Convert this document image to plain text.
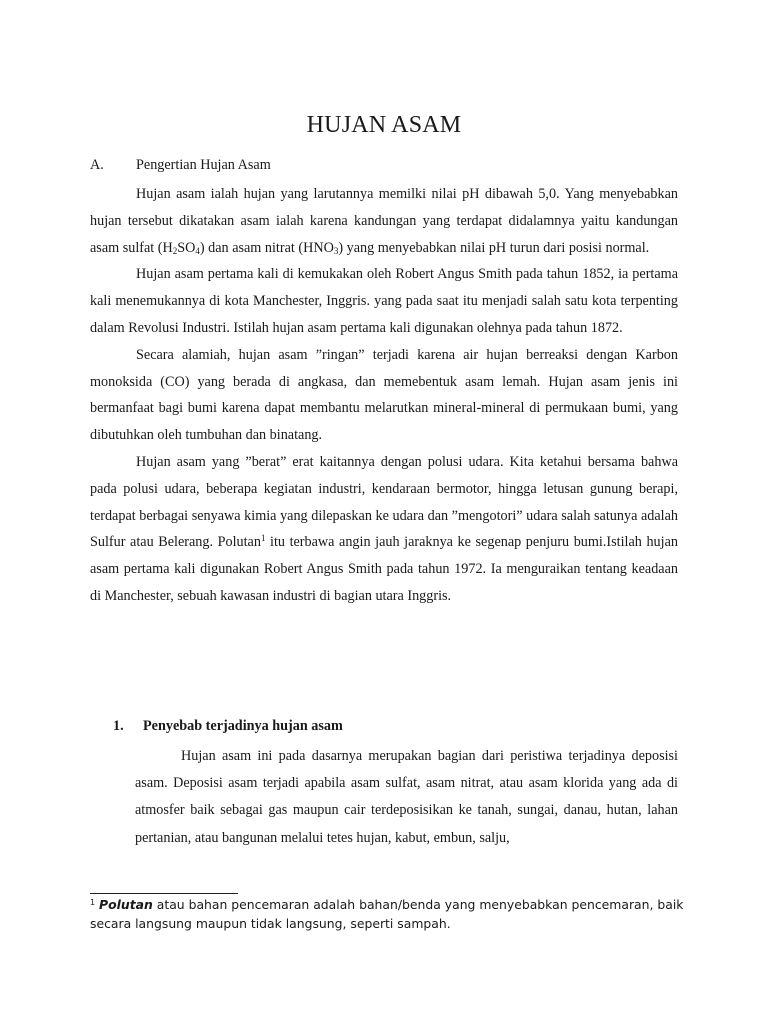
HUJAN ASAM
A. Pengertian Hujan Asam

Hujan asam ialah hujan yang larutannya memilki nilai pH dibawah 5,0. Yang menyebabkan hujan tersebut dikatakan asam ialah karena kandungan yang terdapat didalamnya yaitu kandungan asam sulfat $(H_2SO_4)$ dan asam nitrat $(HNO_3)$ yang menyebabkan nilai pH turun dari posisi normal.

Hujan asam pertama kali di kemukakan oleh Robert Angus Smith pada tahun 1852, ia pertama kali menemukannya di kota Manchester, Inggris. yang pada saat itu menjadi salah satu kota terpenting dalam Revolusi Industri. Istilah hujan asam pertama kali digunakan olehnya pada tahun 1872.

Secara alamiah, hujan asam ”ringan” terjadi karena air hujan berreaksi dengan Karbon monoksida (CO) yang berada di angkasa, dan memebentuk asam lemah. Hujan asam jenis ini bermanfaat bagi bumi karena dapat membantu melarutkan mineral-mineral di permukaan bumi, yang dibutuhkan oleh tumbuhan dan binatang.

Hujan asam yang ”berat” erat kaitannya dengan polusi udara. Kita ketahui bersama bahwa pada polusi udara, beberapa kegiatan industri, kendaraan bermotor, hingga letusan gunung berapi, terdapat berbagai senyawa kimia yang dilepaskan ke udara dan ”mengotori” udara salah satunya adalah Sulfur atau Belerang. Polutan$^1$ itu terbawa angin jauh jaraknya ke segenap penjuru bumi.Istilah hujan asam pertama kali digunakan Robert Angus Smith pada tahun 1972. Ia menguraikan tentang keadaan di Manchester, sebuah kawasan industri di bagian utara Inggris.

1. Penyebab terjadinya hujan asam

Hujan asam ini pada dasarnya merupakan bagian dari peristiwa terjadinya deposisi asam. Deposisi asam terjadi apabila asam sulfat, asam nitrat, atau asam klorida yang ada di atmosfer baik sebagai gas maupun cair terdeposisikan ke tanah, sungai, danau, hutan, lahan pertanian, atau bangunan melalui tetes hujan, kabut, embun, salju,

$^1$ Polutan atau bahan pencemaran adalah bahan/benda yang menyebabkan pencemaran, baik secara langsung maupun tidak langsung, seperti sampah.
